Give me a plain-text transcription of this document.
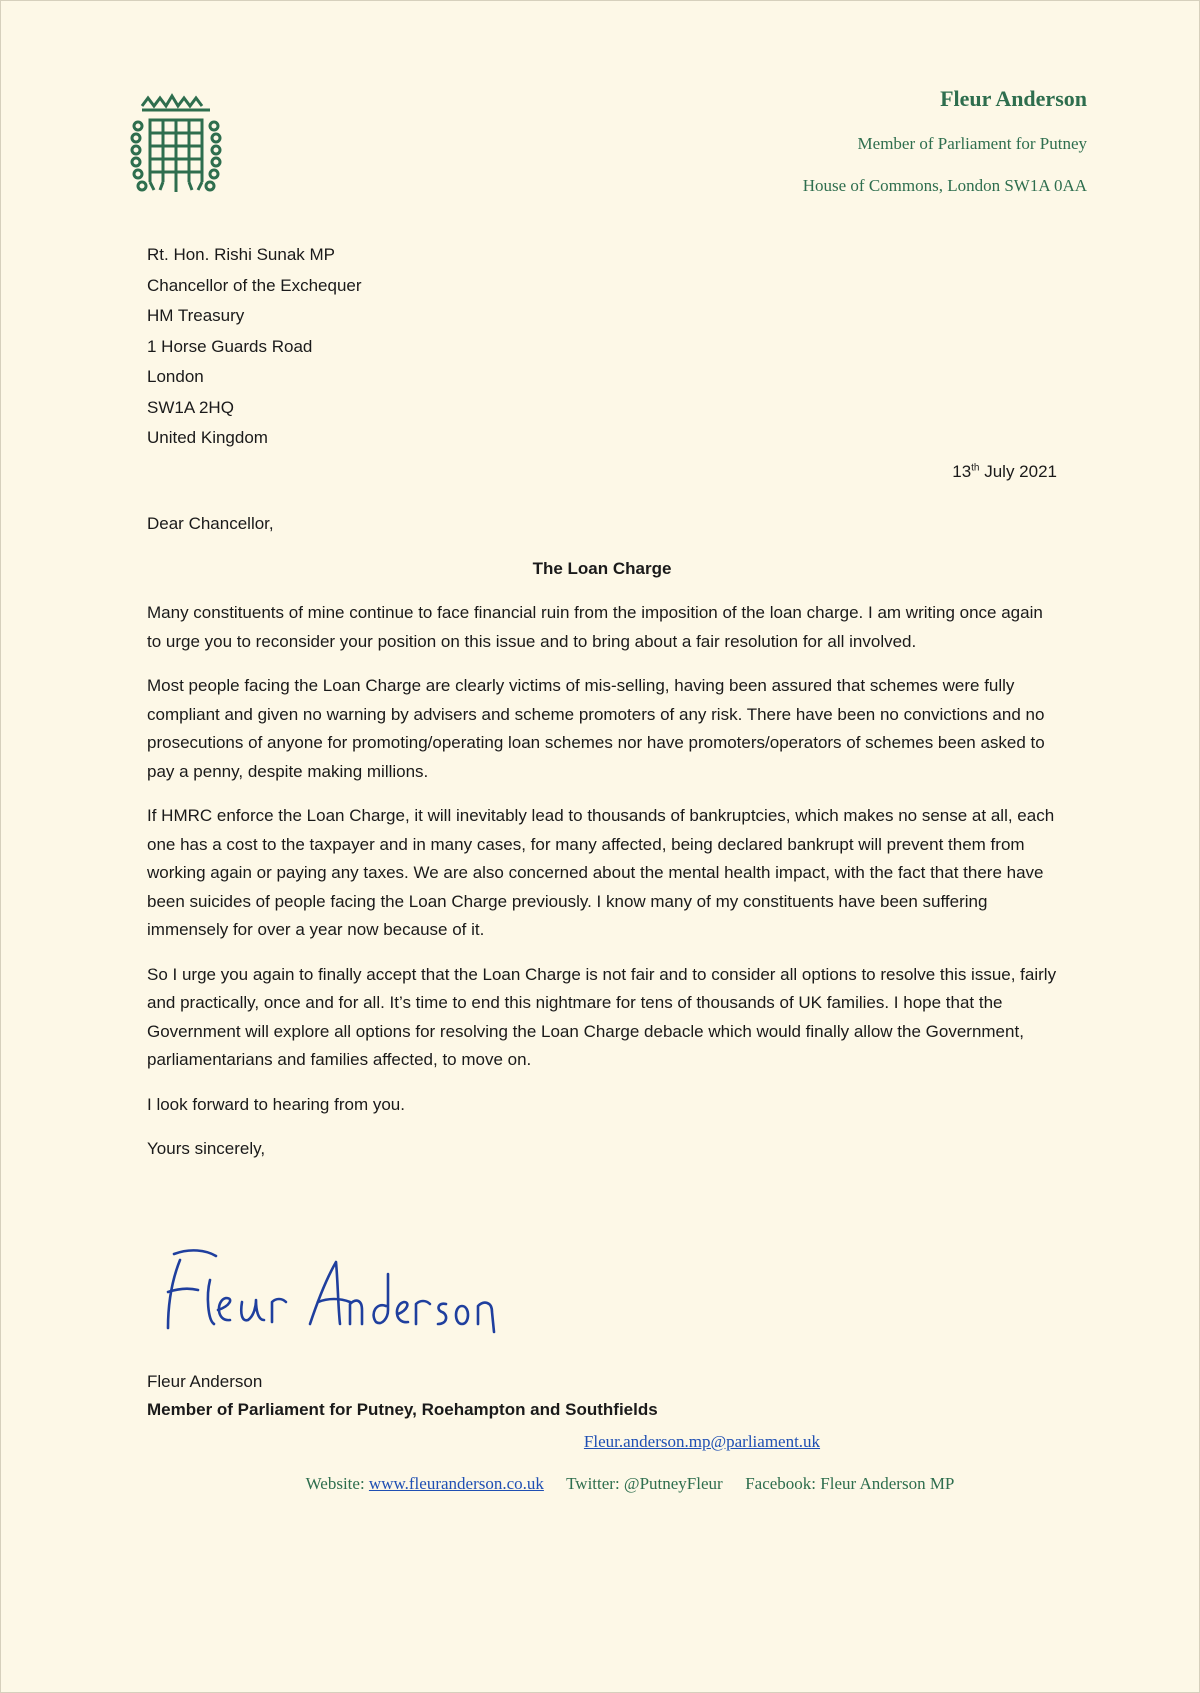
Fleur Anderson
Member of Parliament for Putney
House of Commons, London SW1A 0AA
Rt. Hon. Rishi Sunak MP
Chancellor of the Exchequer
HM Treasury
1 Horse Guards Road
London
SW1A 2HQ
United Kingdom
13th July 2021

Dear Chancellor,

The Loan Charge

Many constituents of mine continue to face financial ruin from the imposition of the loan charge. I am writing once again to urge you to reconsider your position on this issue and to bring about a fair resolution for all involved.

Most people facing the Loan Charge are clearly victims of mis-selling, having been assured that schemes were fully compliant and given no warning by advisers and scheme promoters of any risk. There have been no convictions and no prosecutions of anyone for promoting/operating loan schemes nor have promoters/operators of schemes been asked to pay a penny, despite making millions.

If HMRC enforce the Loan Charge, it will inevitably lead to thousands of bankruptcies, which makes no sense at all, each one has a cost to the taxpayer and in many cases, for many affected, being declared bankrupt will prevent them from working again or paying any taxes. We are also concerned about the mental health impact, with the fact that there have been suicides of people facing the Loan Charge previously. I know many of my constituents have been suffering immensely for over a year now because of it.

So I urge you again to finally accept that the Loan Charge is not fair and to consider all options to resolve this issue, fairly and practically, once and for all. It’s time to end this nightmare for tens of thousands of UK families. I hope that the Government will explore all options for resolving the Loan Charge debacle which would finally allow the Government, parliamentarians and families affected, to move on.

I look forward to hearing from you.

Yours sincerely,

Fleur Anderson
Member of Parliament for Putney, Roehampton and Southfields
Fleur.anderson.mp@parliament.uk
Website: www.fleuranderson.co.uk Twitter: @PutneyFleur Facebook: Fleur Anderson MP
